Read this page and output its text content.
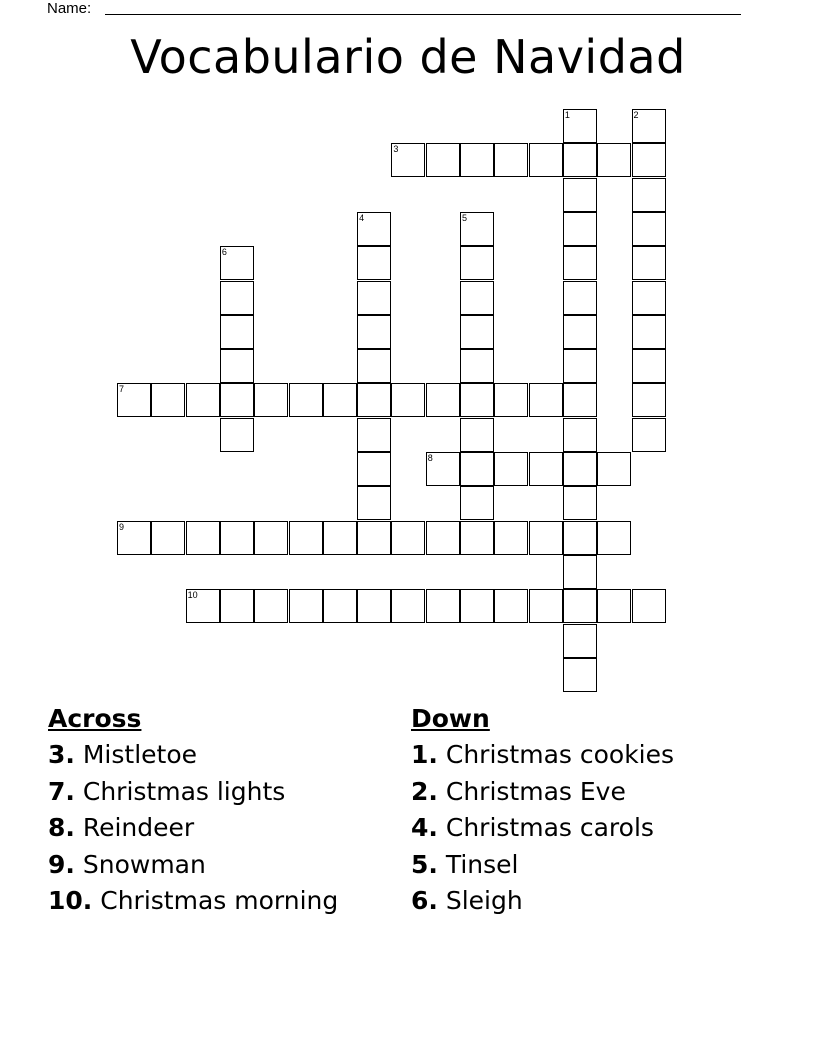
Name:
Vocabulario de Navidad
3
7
8
9
10
1	2
4	5
6
Across
3. Mistletoe
7. Christmas lights
8. Reindeer
9. Snowman
10. Christmas morning
Down
1. Christmas cookies
2. Christmas Eve
4. Christmas carols
5. Tinsel
6. Sleigh
